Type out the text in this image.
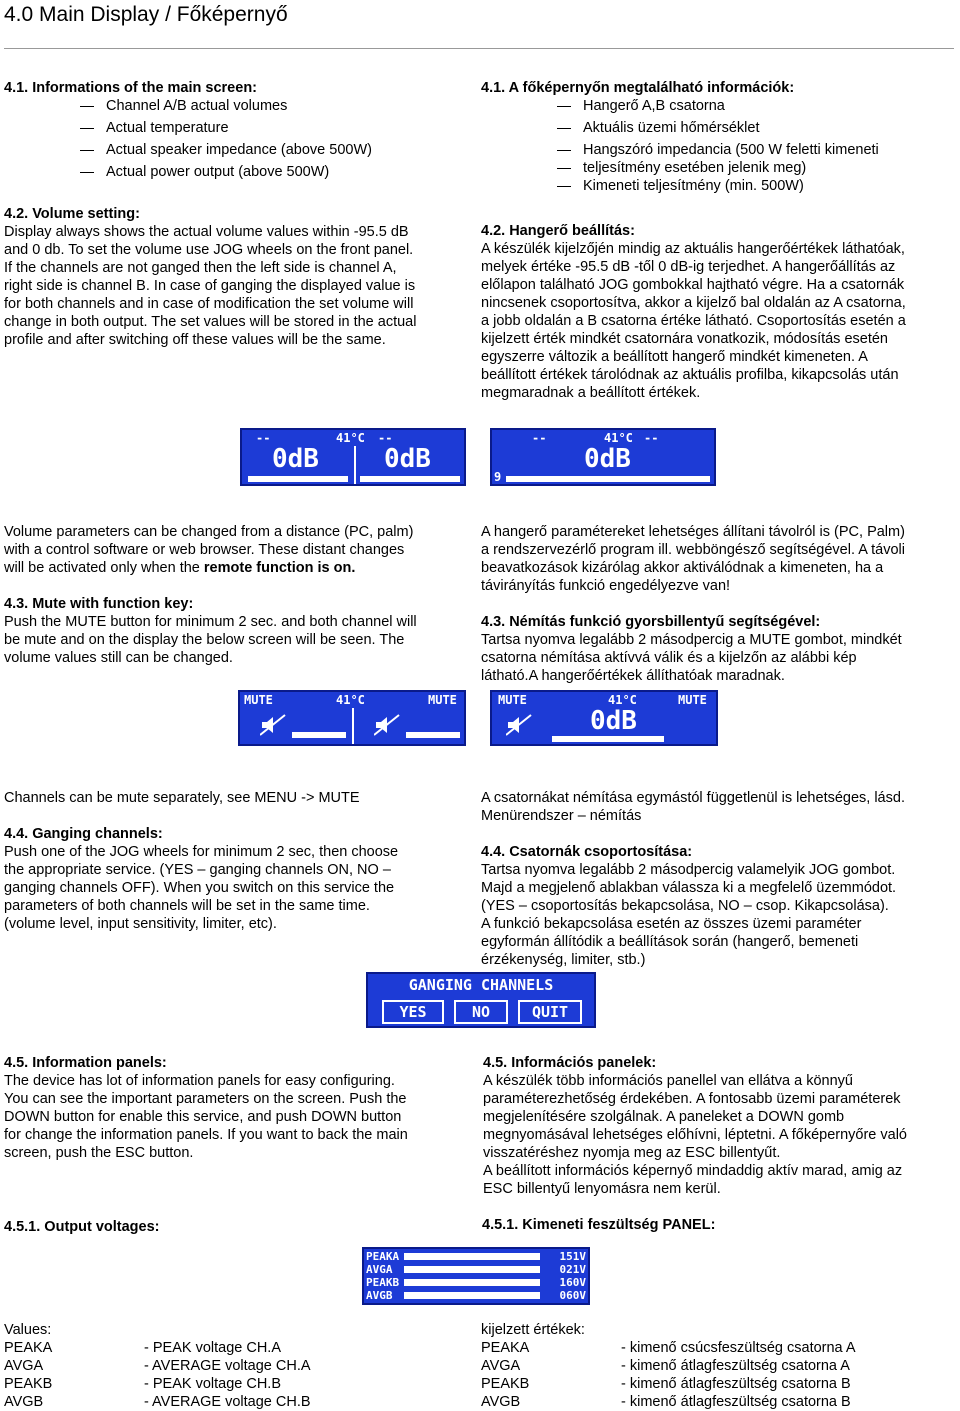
4.0 Main Display / Főképernyő

4.1. Informations of the main screen:

Channel A/B actual volumes
Actual temperature
Actual speaker impedance (above 500W)
Actual power output (above 500W)

4.2. Volume setting:

Display always shows the actual volume values within -95.5 dB

and 0 db. To set the volume use JOG wheels on the front panel.

If the channels are not ganged then the left side is channel A,

right side is channel B. In case of ganging the displayed value is

for both channels and in case of modification the set volume will

change in both output. The set values will be stored in the actual

profile and after switching off these values will be the same.

4.1. A főképernyőn megtalálható információk:

Hangerő A,B csatorna
Aktuális üzemi hőmérséklet
Hangszóró impedancia (500 W feletti kimeneti
teljesítmény esetében jelenik meg)
Kimeneti teljesítmény (min. 500W)

4.2. Hangerő beállítás:

A készülék kijelzőjén mindig az aktuális hangerőértékek láthatóak,

melyek értéke -95.5 dB -től 0 dB-ig terjedhet. A hangerőállítás az

előlapon található JOG gombokkal hajtható végre. Ha a csatornák

nincsenek csoportosítva, akkor a kijelző bal oldalán az A csatorna,

a jobb oldalán a B csatorna értéke látható. Csoportosítás esetén a

kijelzett érték mindkét csatornára vonatkozik, módosítás esetén

egyszerre változik a beállított hangerő mindkét kimeneten. A

beállított értékek tárolódnak az aktuális profilba, kikapcsolás után

megmaradnak a beállított értékek.

--	41°C --
0dB	0dB
--	41°C --
0dB
9

Volume parameters can be changed from a distance (PC, palm)

with a control software or web browser. These distant changes

will be activated only when the remote function is on.

4.3. Mute with function key:

Push the MUTE button for minimum 2 sec. and both channel will

be mute and on the display the below screen will be seen. The

volume values still can be changed.

A hangerő paramétereket lehetséges állítani távolról is (PC, Palm)

a rendszervezérlő program ill. webböngésző segítségével. A távoli

beavatkozások kizárólag akkor aktiválódnak a kimeneten, ha a

távirányítás funkció engedélyezve van!

4.3. Némítás funkció gyorsbillentyű segítségével:

Tartsa nyomva legalább 2 másodpercig a MUTE gombot, mindkét

csatorna némítása aktívvá válik és a kijelzőn az alábbi kép

látható.A hangerőértékek állíthatóak maradnak.

MUTE	41°C	MUTE	MUTE	41°C	MUTE
0dB

Channels can be mute separately, see MENU -> MUTE

4.4. Ganging channels:

Push one of the JOG wheels for minimum 2 sec, then choose

the appropriate service. (YES – ganging channels ON, NO –

ganging channels OFF). When you switch on this service the

parameters of both channels will be set in the same time.

(volume level, input sensitivity, limiter, etc).

A csatornákat némítása egymástól függetlenül is lehetséges, lásd.

Menürendszer – némítás

4.4. Csatornák csoportosítása:

Tartsa nyomva legalább 2 másodpercig valamelyik JOG gombot.

Majd a megjelenő ablakban válassza ki a megfelelő üzemmódot.

(YES – csoportosítás bekapcsolása, NO – csop. Kikapcsolása).

A funkció bekapcsolása esetén az összes üzemi paraméter

egyformán állítódik a beállítások során (hangerő, bemeneti

érzékenység, limiter, stb.)

GANGING CHANNELS
YES	NO	QUIT

4.5. Information panels:

The device has lot of information panels for easy configuring.

You can see the important parameters on the screen. Push the

DOWN button for enable this service, and push DOWN button

for change the information panels. If you want to back the main

screen, push the ESC button.

4.5.1. Output voltages:

4.5. Információs panelek:

A készülék több információs panellel van ellátva a könnyű

paraméterezhetőség érdekében. A fontosabb üzemi paraméterek

megjelenítésére szolgálnak. A paneleket a DOWN gomb

megnyomásával lehetséges előhívni, léptetni. A főképernyőre való

visszatéréshez nyomja meg az ESC billentyűt.

A beállított információs képernyő mindaddig aktív marad, amig az

ESC billentyű lenyomásra nem kerül.

4.5.1. Kimeneti feszültség PANEL:

PEAKA	151V
AVGA	021V
PEAKB	160V
AVGB	060V

Values:

PEAKA	- PEAK voltage CH.A
AVGA	- AVERAGE voltage CH.A
PEAKB	- PEAK voltage CH.B
AVGB	- AVERAGE voltage CH.B

kijelzett értékek:

PEAKA	- kimenő csúcsfeszültség csatorna A
AVGA	- kimenő átlagfeszültség csatorna A
PEAKB	- kimenő átlagfeszültség csatorna B
AVGB	- kimenő átlagfeszültség csatorna B
